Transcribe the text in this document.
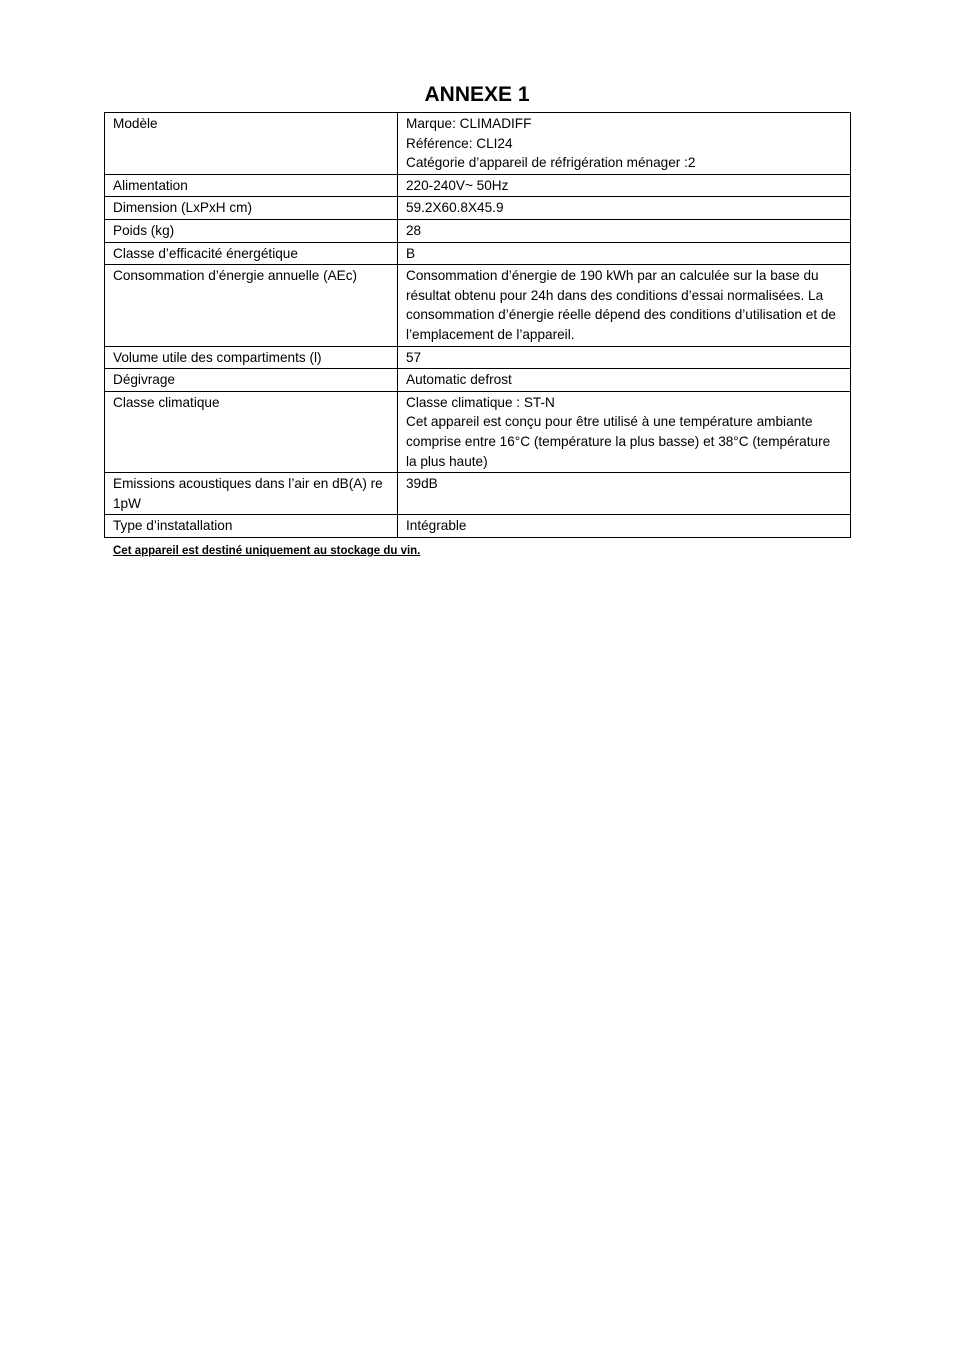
ANNEXE 1
Modèle	Marque: CLIMADIFF
Référence: CLI24
Catégorie d’appareil de réfrigération ménager :2

Alimentation	220-240V~ 50Hz

Dimension (LxPxH cm)	59.2X60.8X45.9

Poids (kg)	28

Classe d’efficacité énergétique	B

Consommation d’énergie annuelle (AEc)	Consommation d’énergie de 190 kWh par an calculée sur la base du résultat obtenu pour 24h dans des conditions d’essai normalisées. La consommation d’énergie réelle dépend des conditions d’utilisation et de l’emplacement de l’appareil.

Volume utile des compartiments (l)	57

Dégivrage	Automatic defrost

Classe climatique	Classe climatique : ST-N
Cet appareil est conçu pour être utilisé à une température ambiante comprise entre 16°C (température la plus basse) et 38°C (température la plus haute)

Emissions acoustiques dans l’air en dB(A) re 1pW	39dB

Type d’instatallation	Intégrable
Cet appareil est destiné uniquement au stockage du vin.
